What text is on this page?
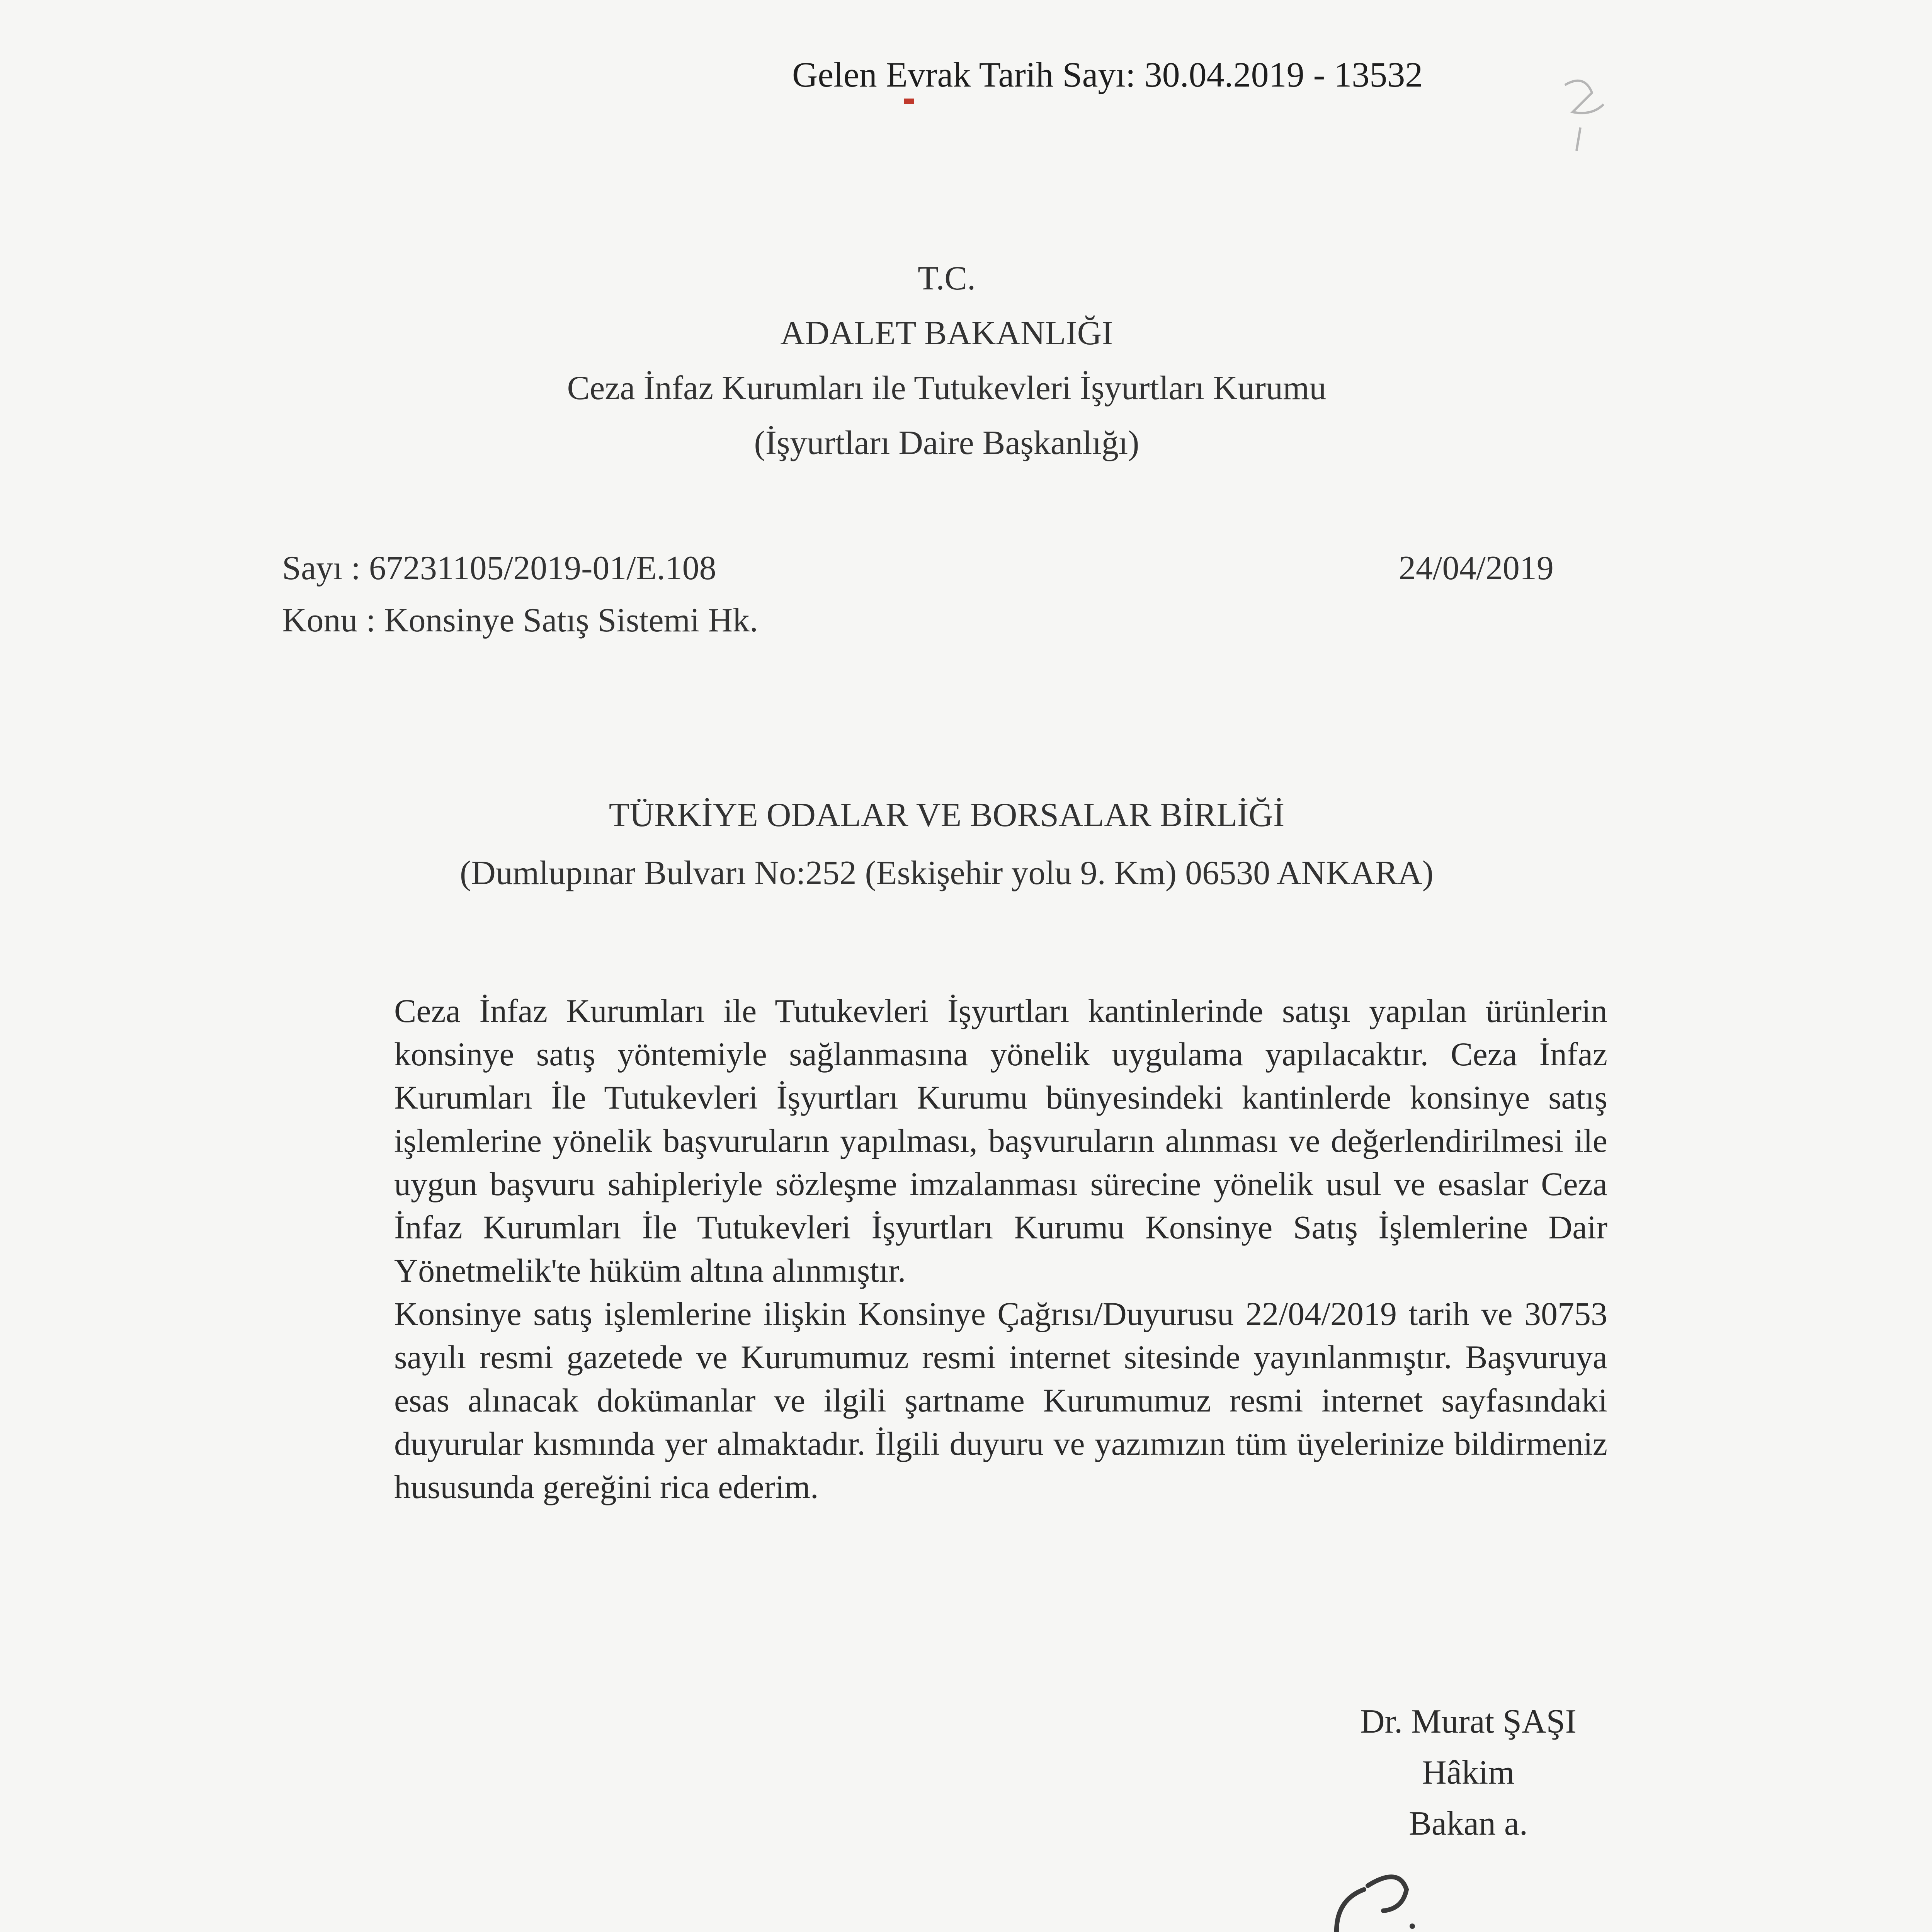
Gelen Evrak Tarih Sayı: 30.04.2019 - 13532
T.C.
ADALET BAKANLIĞI
Ceza İnfaz Kurumları ile Tutukevleri İşyurtları Kurumu
(İşyurtları Daire Başkanlığı)
Sayı : 67231105/2019-01/E.108	24/04/2019
Konu : Konsinye Satış Sistemi Hk.
TÜRKİYE ODALAR VE BORSALAR BİRLİĞİ
(Dumlupınar Bulvarı No:252 (Eskişehir yolu 9. Km) 06530 ANKARA)

Ceza İnfaz Kurumları ile Tutukevleri İşyurtları kantinlerinde satışı yapılan ürünlerin konsinye satış yöntemiyle sağlanmasına yönelik uygulama yapılacaktır. Ceza İnfaz Kurumları İle Tutukevleri İşyurtları Kurumu bünyesindeki kantinlerde konsinye satış işlemlerine yönelik başvuruların yapılması, başvuruların alınması ve değerlendirilmesi ile uygun başvuru sahipleriyle sözleşme imzalanması sürecine yönelik usul ve esaslar Ceza İnfaz Kurumları İle Tutukevleri İşyurtları Kurumu Konsinye Satış İşlemlerine Dair Yönetmelik'te hüküm altına alınmıştır.

Konsinye satış işlemlerine ilişkin Konsinye Çağrısı/Duyurusu 22/04/2019 tarih ve 30753 sayılı resmi gazetede ve Kurumumuz resmi internet sitesinde yayınlanmıştır. Başvuruya esas alınacak dokümanlar ve ilgili şartname Kurumumuz resmi internet sayfasındaki duyurular kısmında yer almaktadır. İlgili duyuru ve yazımızın tüm üyelerinize bildirmeniz hususunda gereğini rica ederim.

Dr. Murat ŞAŞI
Hâkim
Bakan a.
